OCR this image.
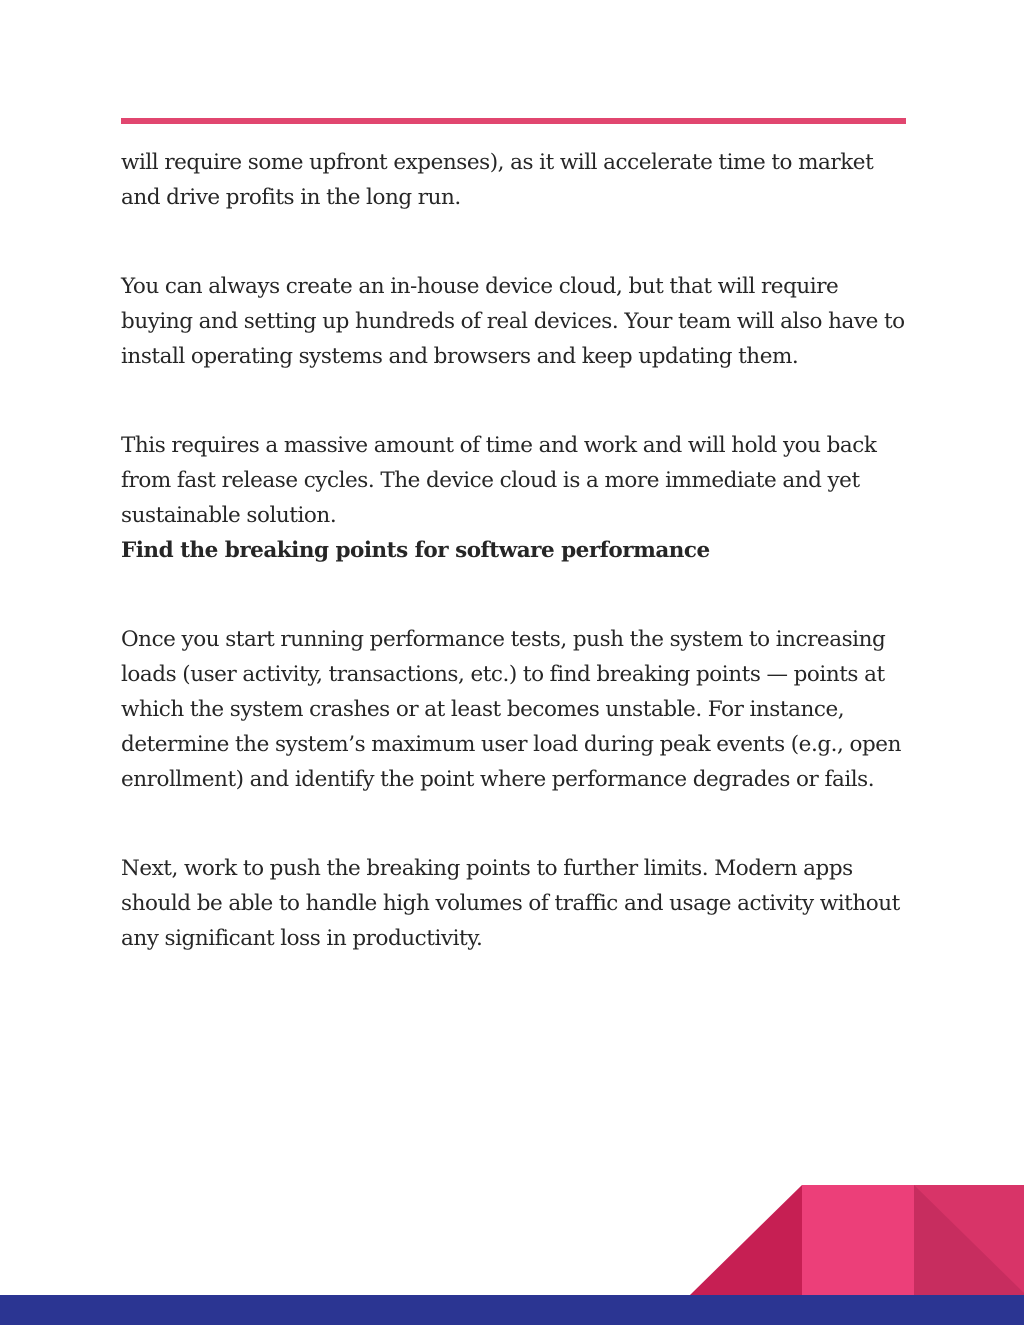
will require some upfront expenses), as it will accelerate time to market and drive profits in the long run.

You can always create an in-house device cloud, but that will require buying and setting up hundreds of real devices. Your team will also have to install operating systems and browsers and keep updating them.

This requires a massive amount of time and work and will hold you back from fast release cycles. The device cloud is a more immediate and yet sustainable solution.

Find the breaking points for software performance

Once you start running performance tests, push the system to increasing loads (user activity, transactions, etc.) to find breaking points — points at which the system crashes or at least becomes unstable. For instance, determine the system’s maximum user load during peak events (e.g., open enrollment) and identify the point where performance degrades or fails.

Next, work to push the breaking points to further limits. Modern apps should be able to handle high volumes of traffic and usage activity without any significant loss in productivity.
